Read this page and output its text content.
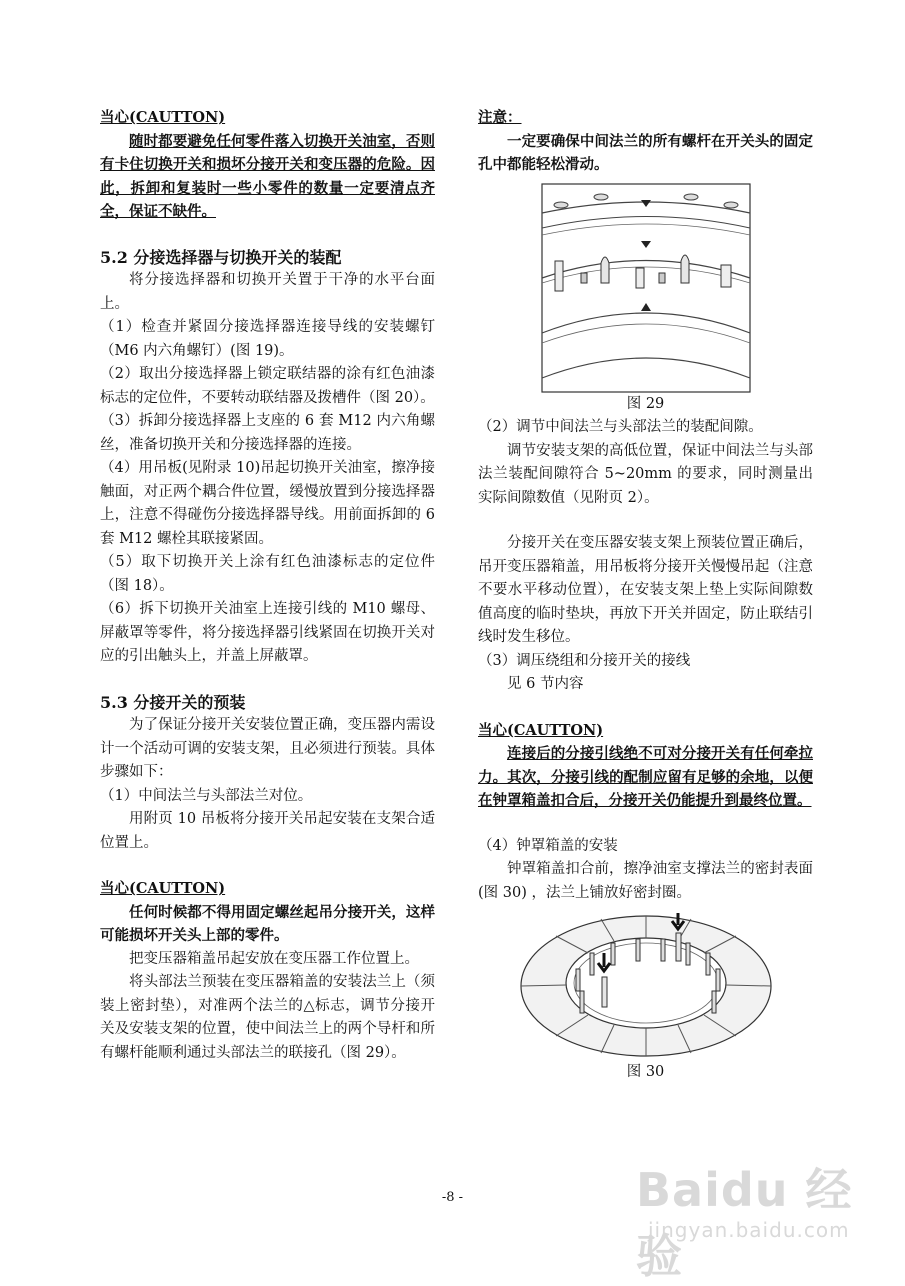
当心(CAUTTON)

随时都要避免任何零件落入切换开关油室，否则有卡住切换开关和损坏分接开关和变压器的危险。因此，拆卸和复装时一些小零件的数量一定要清点齐全，保证不缺件。

5.2 分接选择器与切换开关的装配

将分接选择器和切换开关置于干净的水平台面上。

（1）检查并紧固分接选择器连接导线的安装螺钉（M6 内六角螺钉）(图 19)。

（2）取出分接选择器上锁定联结器的涂有红色油漆标志的定位件，不要转动联结器及拨槽件（图 20）。

（3）拆卸分接选择器上支座的 6 套 M12 内六角螺丝，准备切换开关和分接选择器的连接。

（4）用吊板(见附录 10)吊起切换开关油室，擦净接触面，对正两个耦合件位置，缓慢放置到分接选择器上，注意不得碰伤分接选择器导线。用前面拆卸的 6 套 M12 螺栓其联接紧固。

（5）取下切换开关上涂有红色油漆标志的定位件（图 18）。

（6）拆下切换开关油室上连接引线的 M10 螺母、屏蔽罩等零件，将分接选择器引线紧固在切换开关对应的引出触头上，并盖上屏蔽罩。

5.3 分接开关的预装

为了保证分接开关安装位置正确，变压器内需设计一个活动可调的安装支架，且必须进行预装。具体步骤如下：

（1）中间法兰与头部法兰对位。

用附页 10 吊板将分接开关吊起安装在支架合适位置上。

当心(CAUTTON)

任何时候都不得用固定螺丝起吊分接开关，这样可能损坏开关头上部的零件。

把变压器箱盖吊起安放在变压器工作位置上。

将头部法兰预装在变压器箱盖的安装法兰上（须装上密封垫），对准两个法兰的△标志，调节分接开关及安装支架的位置，使中间法兰上的两个导杆和所有螺杆能顺利通过头部法兰的联接孔（图 29）。

注意：

一定要确保中间法兰的所有螺杆在开关头的固定孔中都能轻松滑动。

图 29

（2）调节中间法兰与头部法兰的装配间隙。

调节安装支架的高低位置，保证中间法兰与头部法兰装配间隙符合 5~20mm 的要求，同时测量出实际间隙数值（见附页 2）。

分接开关在变压器安装支架上预装位置正确后，吊开变压器箱盖，用吊板将分接开关慢慢吊起（注意不要水平移动位置），在安装支架上垫上实际间隙数值高度的临时垫块，再放下开关并固定，防止联结引线时发生移位。

（3）调压绕组和分接开关的接线

见 6 节内容

当心(CAUTTON)

连接后的分接引线绝不可对分接开关有任何牵拉力。其次，分接引线的配制应留有足够的余地，以便在钟罩箱盖扣合后，分接开关仍能提升到最终位置。

（4）钟罩箱盖的安装

钟罩箱盖扣合前，擦净油室支撑法兰的密封表面(图 30) ，法兰上铺放好密封圈。

图 30

-8 -	Baidu 经验
jingyan.baidu.com
